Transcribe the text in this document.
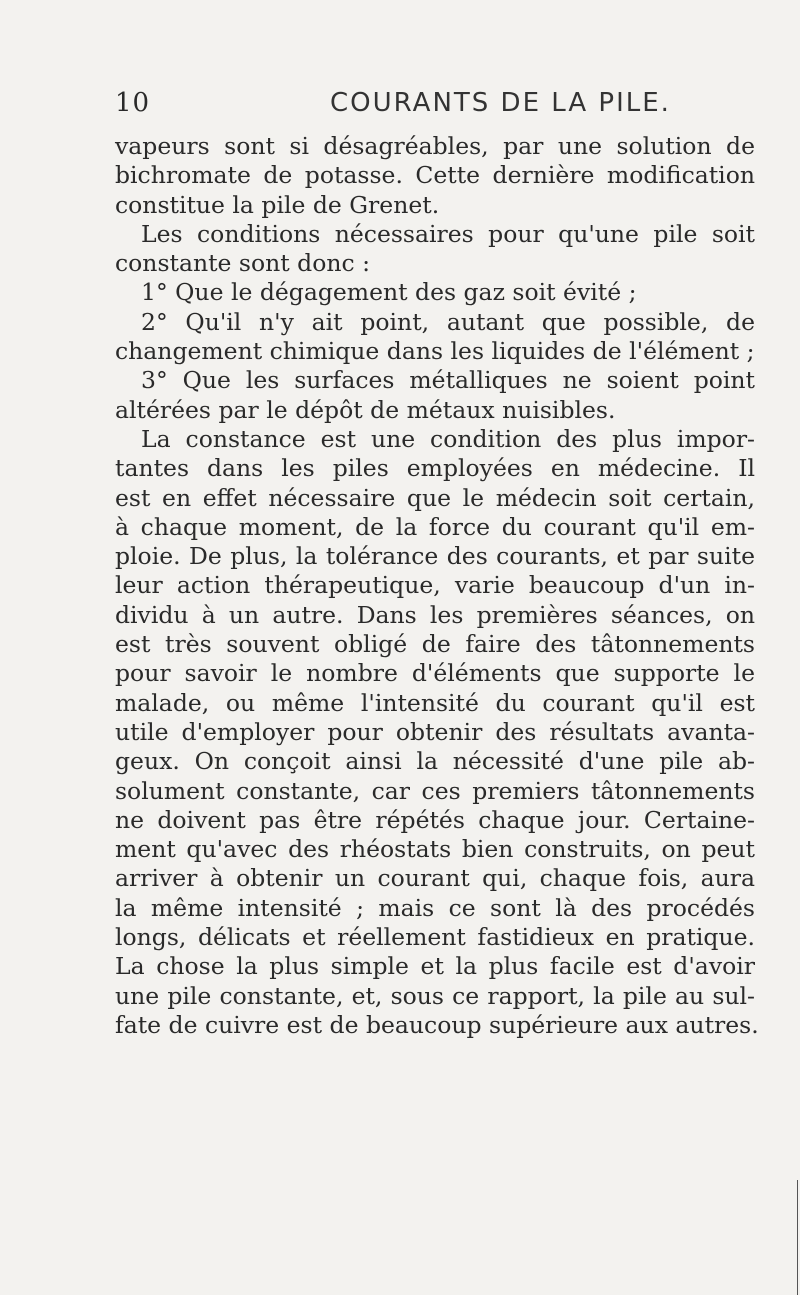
10	COURANTS DE LA PILE.
vapeurs sont si désagréables, par une solution de
bichromate de potasse. Cette dernière modification
constitue la pile de Grenet.
Les conditions nécessaires pour qu'une pile soit
constante sont donc :
1° Que le dégagement des gaz soit évité ;
2° Qu'il n'y ait point, autant que possible, de
changement chimique dans les liquides de l'élément ;
3° Que les surfaces métalliques ne soient point
altérées par le dépôt de métaux nuisibles.
La constance est une condition des plus impor-
tantes dans les piles employées en médecine. Il
est en effet nécessaire que le médecin soit certain,
à chaque moment, de la force du courant qu'il em-
ploie. De plus, la tolérance des courants, et par suite
leur action thérapeutique, varie beaucoup d'un in-
dividu à un autre. Dans les premières séances, on
est très souvent obligé de faire des tâtonnements
pour savoir le nombre d'éléments que supporte le
malade, ou même l'intensité du courant qu'il est
utile d'employer pour obtenir des résultats avanta-
geux. On conçoit ainsi la nécessité d'une pile ab-
solument constante, car ces premiers tâtonnements
ne doivent pas être répétés chaque jour. Certaine-
ment qu'avec des rhéostats bien construits, on peut
arriver à obtenir un courant qui, chaque fois, aura
la même intensité ; mais ce sont là des procédés
longs, délicats et réellement fastidieux en pratique.
La chose la plus simple et la plus facile est d'avoir
une pile constante, et, sous ce rapport, la pile au sul-
fate de cuivre est de beaucoup supérieure aux autres.
